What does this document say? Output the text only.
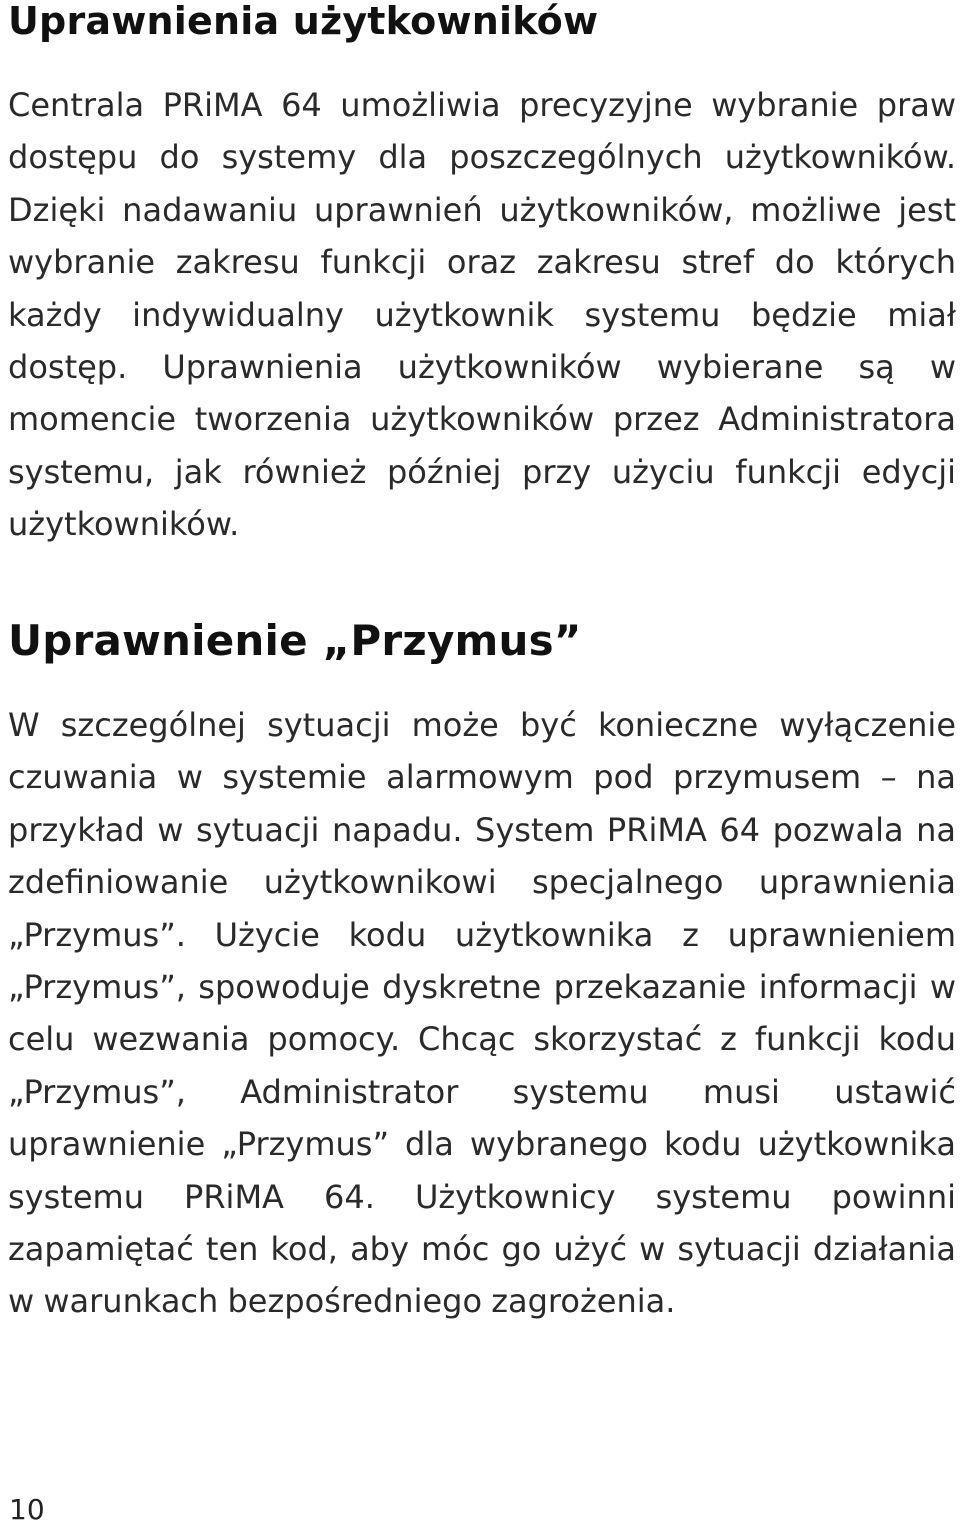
Uprawnienia użytkowników

Centrala PRiMA 64 umożliwia precyzyjne wybranie praw dostępu do systemy dla poszczególnych użytkowników. Dzięki nadawaniu uprawnień użytkowników, możliwe jest wybranie zakresu funkcji oraz zakresu stref do których każdy indywidualny użytkownik systemu będzie miał dostęp. Uprawnienia użytkowników wybierane są w momencie tworzenia użytkowników przez Administratora systemu, jak również później przy użyciu funkcji edycji użytkowników.

Uprawnienie „Przymus”

W szczególnej sytuacji może być konieczne wyłączenie czuwania w systemie alarmowym pod przymusem – na przykład w sytuacji napadu. System PRiMA 64 pozwala na zdefiniowanie użytkownikowi specjalnego uprawnienia „Przymus”. Użycie kodu użytkownika z uprawnieniem „Przymus”, spowoduje dyskretne przekazanie informacji w celu wezwania pomocy. Chcąc skorzystać z funkcji kodu „Przymus”, Administrator systemu musi ustawić uprawnienie „Przymus” dla wybranego kodu użytkownika systemu PRiMA 64. Użytkownicy systemu powinni zapamiętać ten kod, aby móc go użyć w sytuacji działania w warunkach bezpośredniego zagrożenia.

10
